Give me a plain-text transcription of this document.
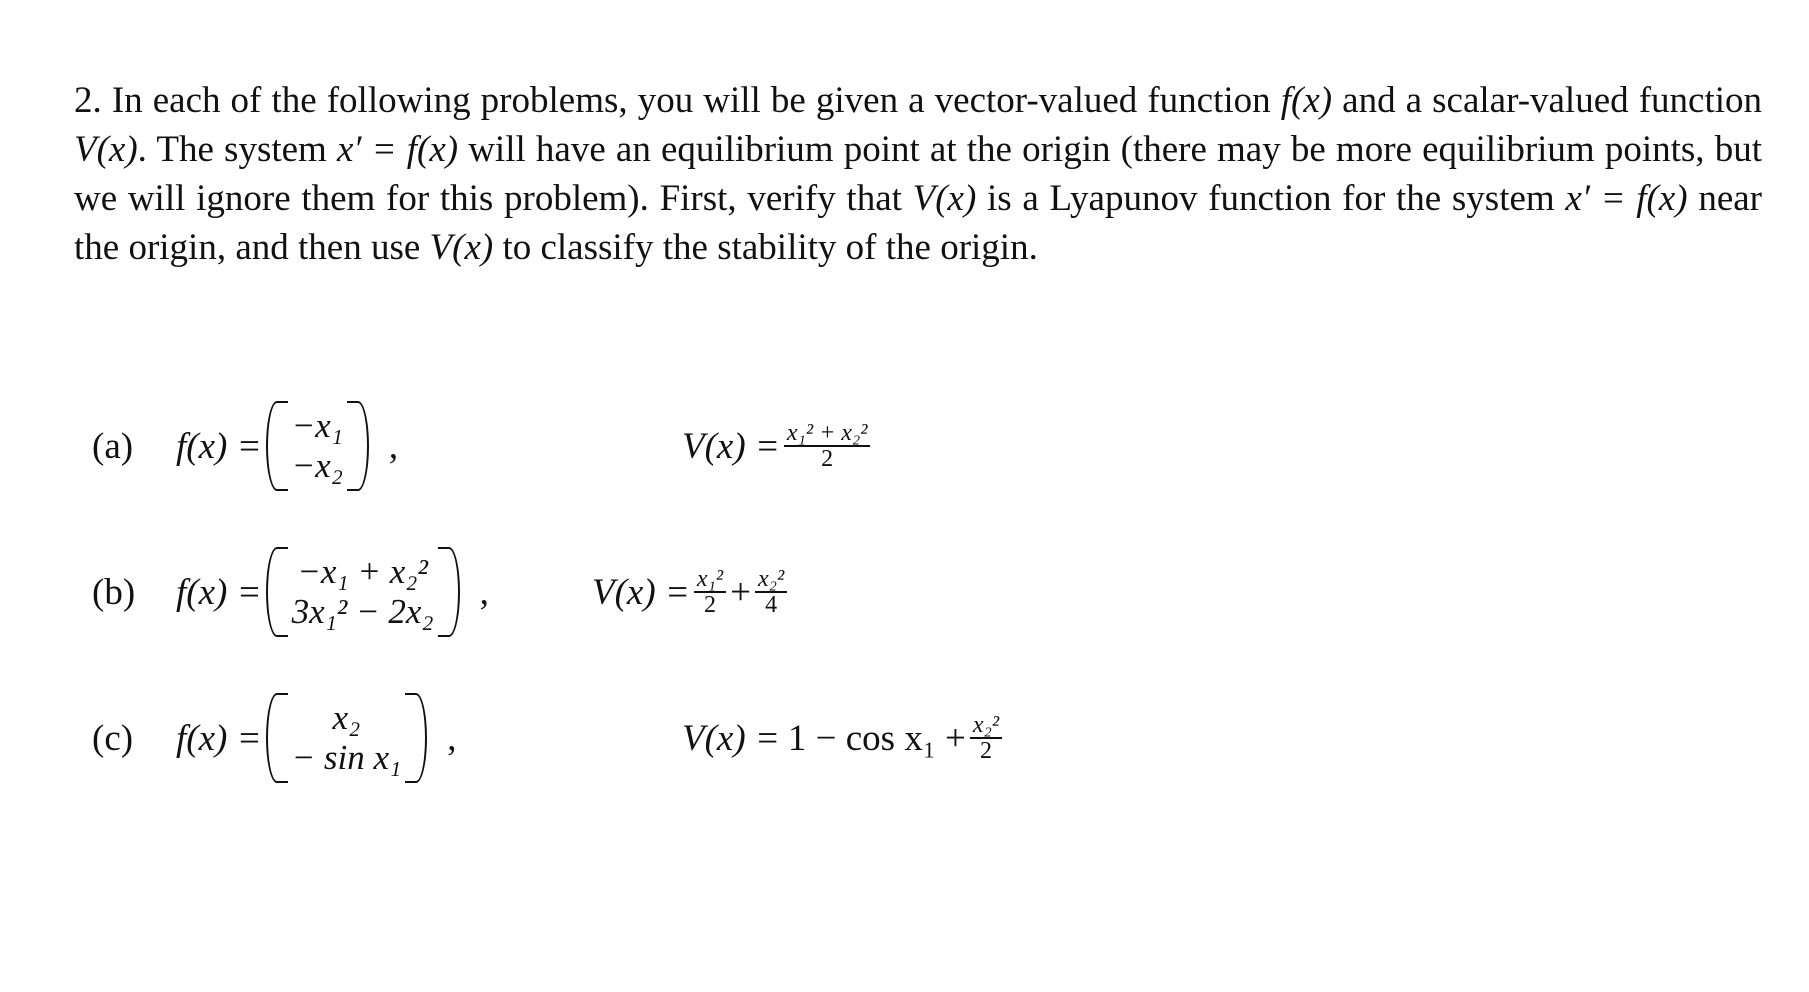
2. In each of the following problems, you will be given a vector-valued function f(x) and a scalar-valued function V(x). The system x′ = f(x) will have an equilibrium point at the origin (there may be more equilibrium points, but we will ignore them for this problem). First, verify that V(x) is a Lyapunov function for the system x′ = f(x) near the origin, and then use V(x) to classify the stability of the origin.
(a) f(x) = −x₁
−x₂ ,	$V(x) = \frac{\text{x₁² + x₂²}}{2}$
(b) f(x) = −x₁ + x₂²
3x₁² − 2x₂ ,	$V(x) = \frac{\text{x₁²}}{2} + \frac{\text{x₂²}}{4}$
(c) f(x) = x₂
− sin x₁ ,	$V(x) = 1 - \cos x_1 + \frac{\text{x₂²}}{2}$
